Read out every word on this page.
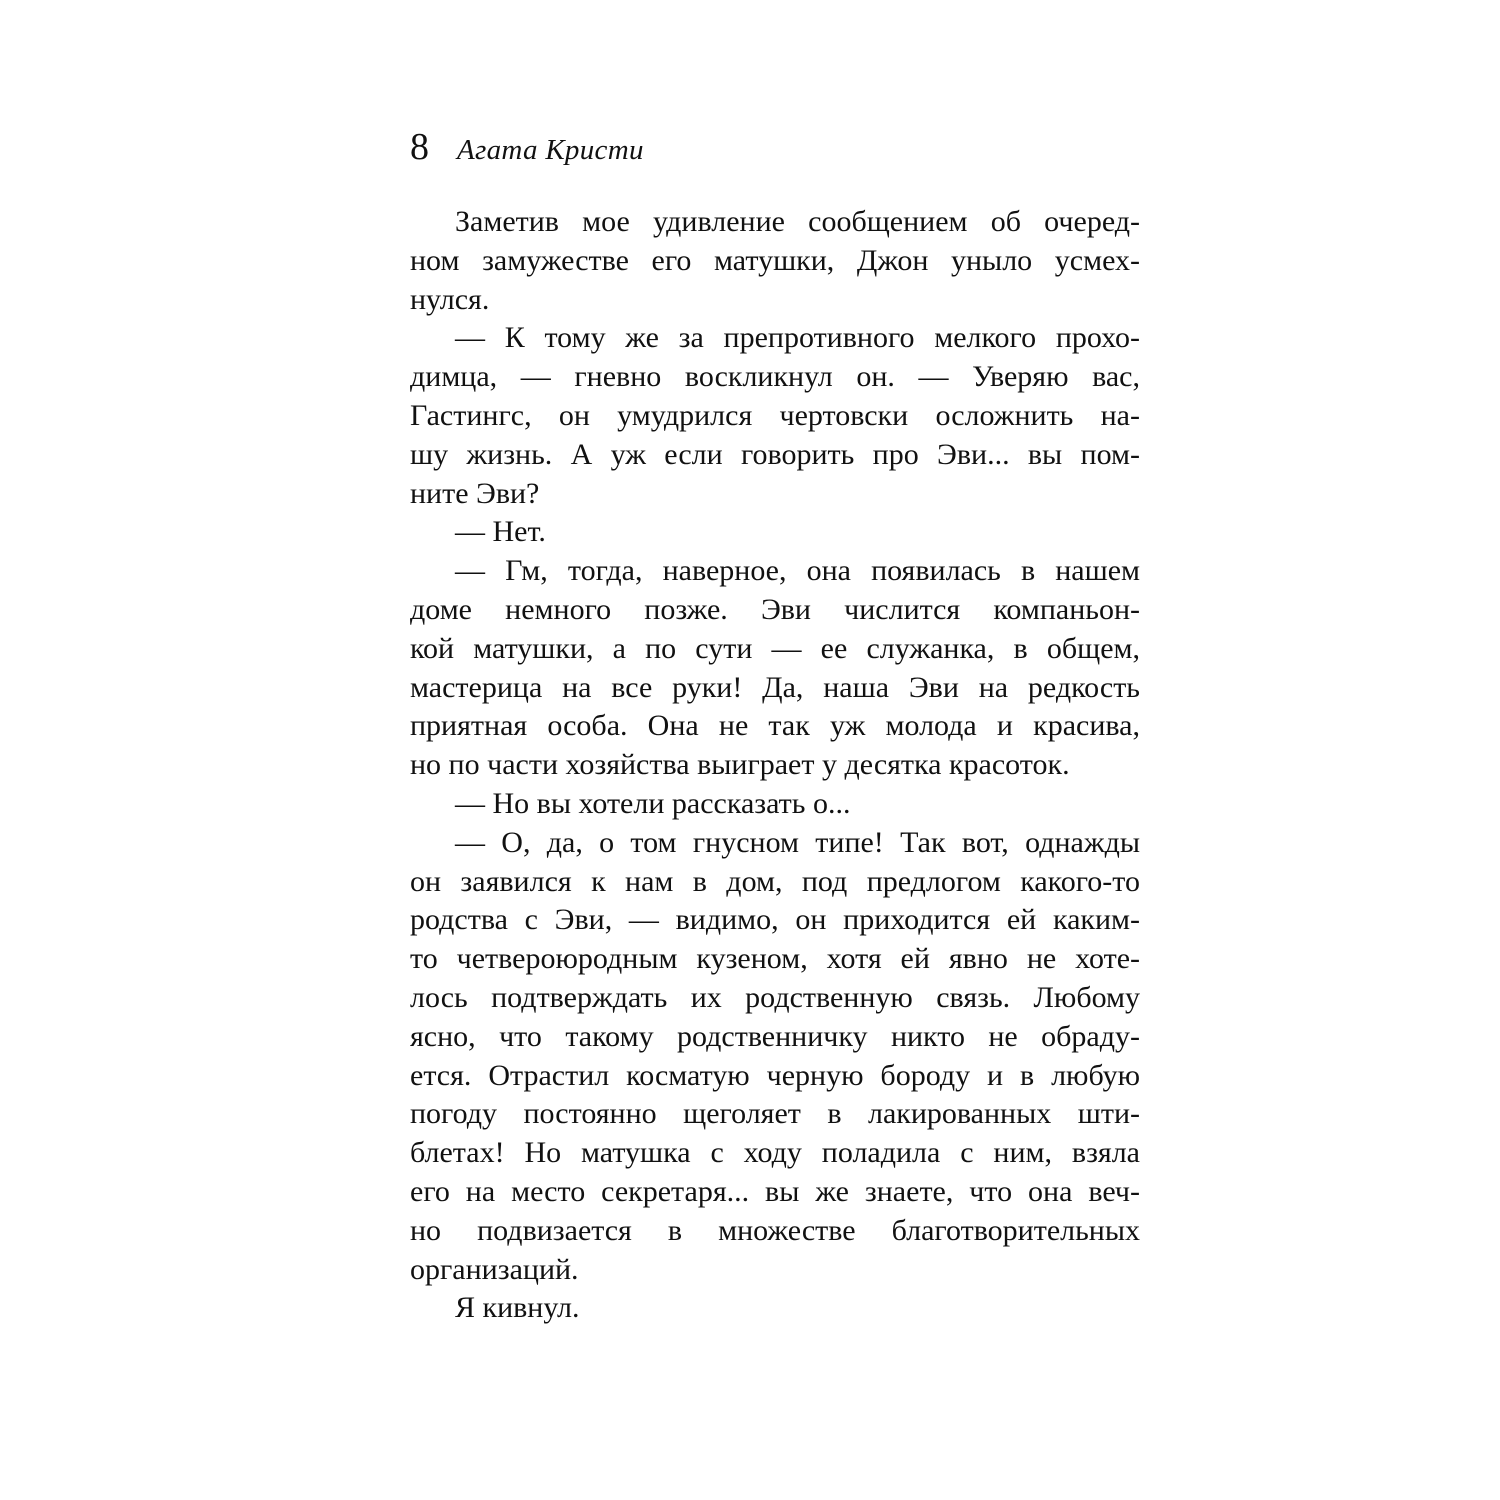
8 Агата Кристи
Заметив мое удивление сообщением об очеред-
ном замужестве его матушки, Джон уныло усмех-
нулся.
— К тому же за препротивного мелкого прохо-
димца, — гневно воскликнул он. — Уверяю вас,
Гастингс, он умудрился чертовски осложнить на-
шу жизнь. А уж если говорить про Эви... вы пом-
ните Эви?
— Нет.
— Гм, тогда, наверное, она появилась в нашем
доме немного позже. Эви числится компаньон-
кой матушки, а по сути — ее служанка, в общем,
мастерица на все руки! Да, наша Эви на редкость
приятная особа. Она не так уж молода и красива,
но по части хозяйства выиграет у десятка красоток.
— Но вы хотели рассказать о...
— О, да, о том гнусном типе! Так вот, однажды
он заявился к нам в дом, под предлогом какого-то
родства с Эви, — видимо, он приходится ей каким-
то четвероюродным кузеном, хотя ей явно не хоте-
лось подтверждать их родственную связь. Любому
ясно, что такому родственничку никто не обраду-
ется. Отрастил косматую черную бороду и в любую
погоду постоянно щеголяет в лакированных шти-
блетах! Но матушка с ходу поладила с ним, взяла
его на место секретаря... вы же знаете, что она веч-
но подвизается в множестве благотворительных
организаций.
Я кивнул.
